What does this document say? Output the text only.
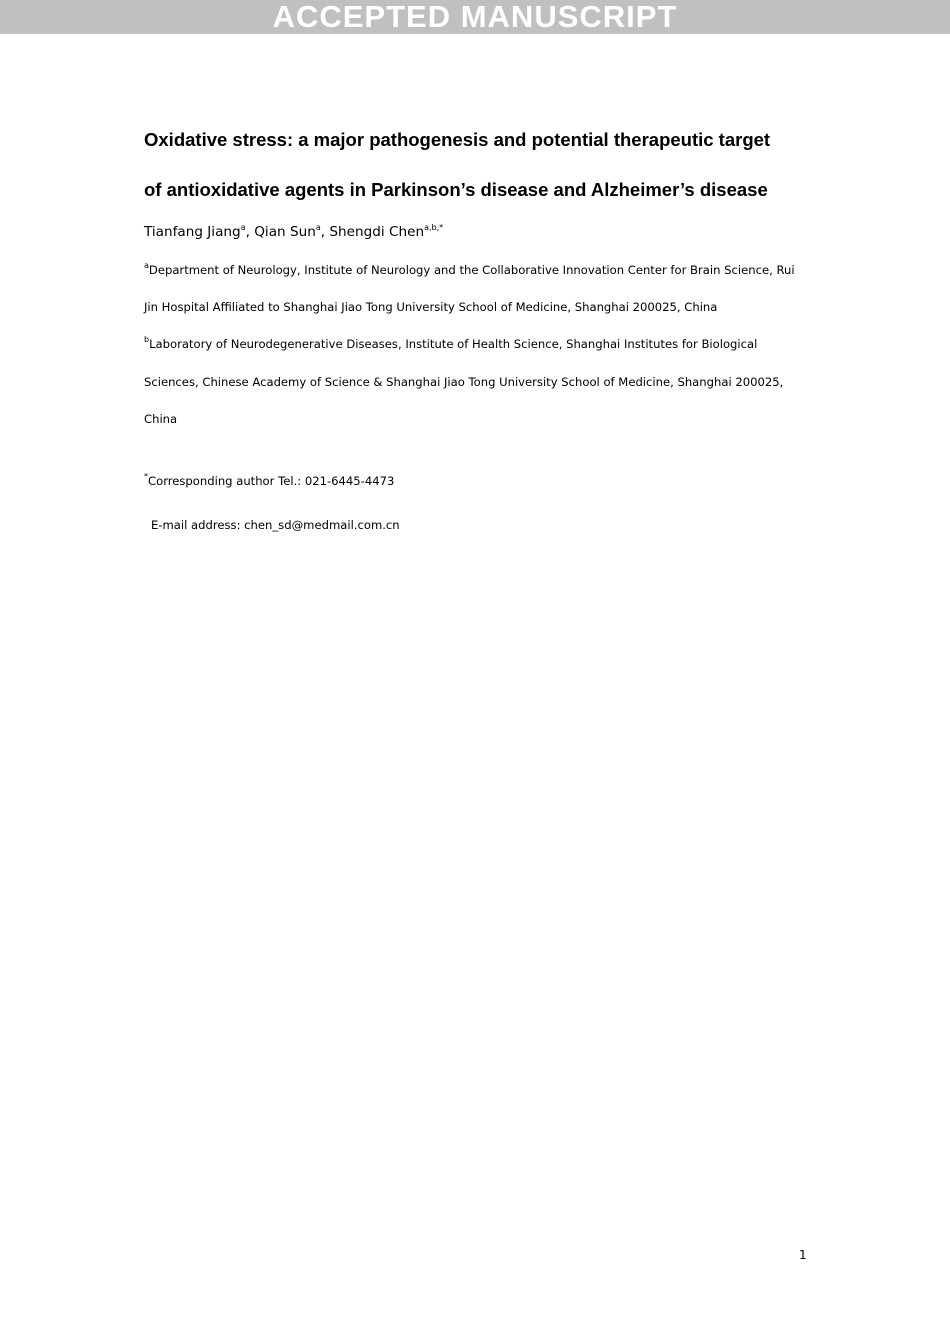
ACCEPTED MANUSCRIPT
Oxidative stress: a major pathogenesis and potential therapeutic target
of antioxidative agents in Parkinson’s disease and Alzheimer’s disease
Tianfang Jiang$^a$, Qian Sun$^a$, Shengdi Chen$^{a,b,*}$
$^a$Department of Neurology, Institute of Neurology and the Collaborative Innovation Center for Brain Science, Rui
Jin Hospital Affiliated to Shanghai Jiao Tong University School of Medicine, Shanghai 200025, China
$^b$Laboratory of Neurodegenerative Diseases, Institute of Health Science, Shanghai Institutes for Biological
Sciences, Chinese Academy of Science & Shanghai Jiao Tong University School of Medicine, Shanghai 200025,
China
*Corresponding author Tel.: 021-6445-4473
E-mail address: chen_sd@medmail.com.cn
1
